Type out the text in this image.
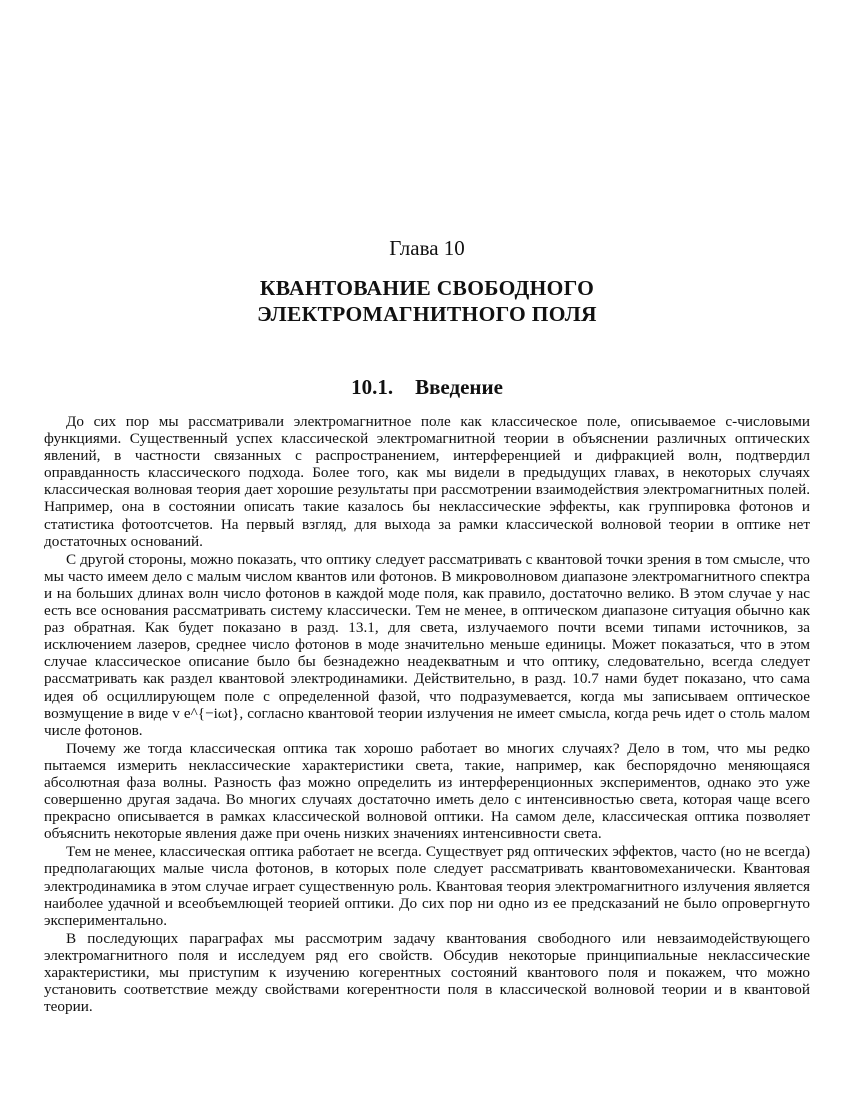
Глава 10
КВАНТОВАНИЕ СВОБОДНОГО
ЭЛЕКТРОМАГНИТНОГО ПОЛЯ
10.1. Введение

До сих пор мы рассматривали электромагнитное поле как классическое поле, описываемое c-числовыми функциями. Существенный успех классической электромагнитной теории в объяснении различных оптических явлений, в частности связанных с распространением, интерференцией и дифракцией волн, подтвердил оправданность классического подхода. Более того, как мы видели в предыдущих главах, в некоторых случаях классическая волновая теория дает хорошие результаты при рассмотрении взаимодействия электромагнитных полей. Например, она в состоянии описать такие казалось бы неклассические эффекты, как группировка фотонов и статистика фотоотсчетов. На первый взгляд, для выхода за рамки классической волновой теории в оптике нет достаточных оснований.

С другой стороны, можно показать, что оптику следует рассматривать с квантовой точки зрения в том смысле, что мы часто имеем дело с малым числом квантов или фотонов. В микроволновом диапазоне электромагнитного спектра и на больших длинах волн число фотонов в каждой моде поля, как правило, достаточно велико. В этом случае у нас есть все основания рассматривать систему классически. Тем не менее, в оптическом диапазоне ситуация обычно как раз обратная. Как будет показано в разд. 13.1, для света, излучаемого почти всеми типами источников, за исключением лазеров, среднее число фотонов в моде значительно меньше единицы. Может показаться, что в этом случае классическое описание было бы безнадежно неадекватным и что оптику, следовательно, всегда следует рассматривать как раздел квантовой электродинамики. Действительно, в разд. 10.7 нами будет показано, что сама идея об осциллирующем поле с определенной фазой, что подразумевается, когда мы записываем оптическое возмущение в виде v e^{−iωt}, согласно квантовой теории излучения не имеет смысла, когда речь идет о столь малом числе фотонов.

Почему же тогда классическая оптика так хорошо работает во многих случаях? Дело в том, что мы редко пытаемся измерить неклассические характеристики света, такие, например, как беспорядочно меняющаяся абсолютная фаза волны. Разность фаз можно определить из интерференционных экспериментов, однако это уже совершенно другая задача. Во многих случаях достаточно иметь дело с интенсивностью света, которая чаще всего прекрасно описывается в рамках классической волновой оптики. На самом деле, классическая оптика позволяет объяснить некоторые явления даже при очень низких значениях интенсивности света.

Тем не менее, классическая оптика работает не всегда. Существует ряд оптических эффектов, часто (но не всегда) предполагающих малые числа фотонов, в которых поле следует рассматривать квантовомеханически. Квантовая электродинамика в этом случае играет существенную роль. Квантовая теория электромагнитного излучения является наиболее удачной и всеобъемлющей теорией оптики. До сих пор ни одно из ее предсказаний не было опровергнуто экспериментально.

В последующих параграфах мы рассмотрим задачу квантования свободного или невзаимодействующего электромагнитного поля и исследуем ряд его свойств. Обсудив некоторые принципиальные неклассические характеристики, мы приступим к изучению когерентных состояний квантового поля и покажем, что можно установить соответствие между свойствами когерентности поля в классической волновой теории и в квантовой теории.
